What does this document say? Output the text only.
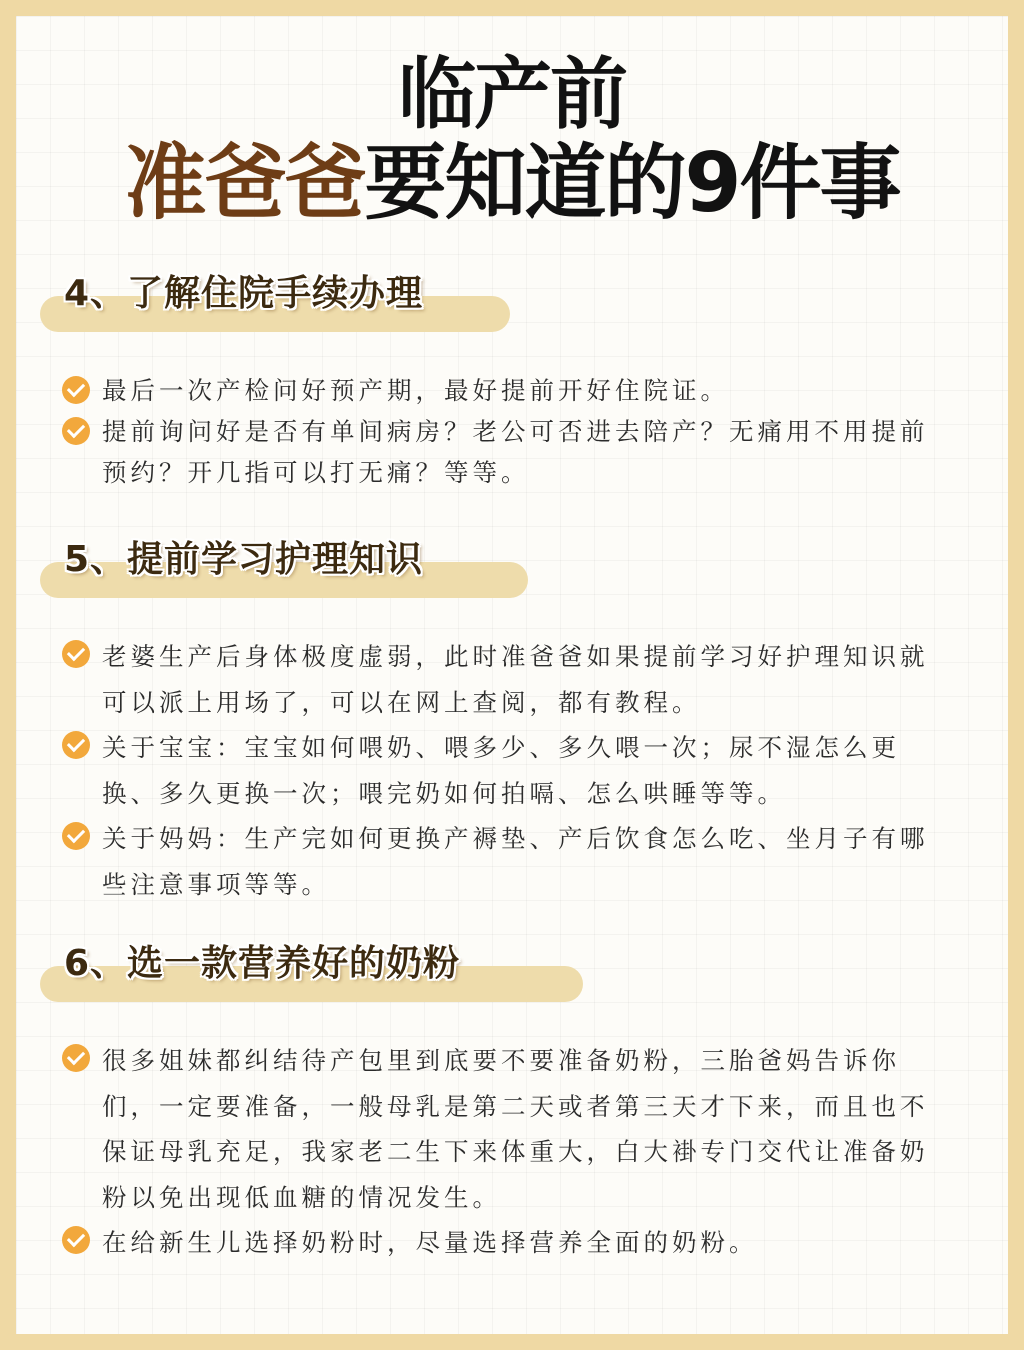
临产前
准爸爸要知道的9件事
4、了解住院手续办理
最后一次产检问好预产期，最好提前开好住院证。
提前询问好是否有单间病房？老公可否进去陪产？无痛用不用提前预约？开几指可以打无痛？等等。
5、提前学习护理知识
老婆生产后身体极度虚弱，此时准爸爸如果提前学习好护理知识就可以派上用场了，可以在网上查阅，都有教程。
关于宝宝：宝宝如何喂奶、喂多少、多久喂一次；尿不湿怎么更换、多久更换一次；喂完奶如何拍嗝、怎么哄睡等等。
关于妈妈：生产完如何更换产褥垫、产后饮食怎么吃、坐月子有哪些注意事项等等。
6、选一款营养好的奶粉
很多姐妹都纠结待产包里到底要不要准备奶粉，三胎爸妈告诉你们，一定要准备，一般母乳是第二天或者第三天才下来，而且也不保证母乳充足，我家老二生下来体重大，白大褂专门交代让准备奶粉以免出现低血糖的情况发生。
在给新生儿选择奶粉时，尽量选择营养全面的奶粉。
